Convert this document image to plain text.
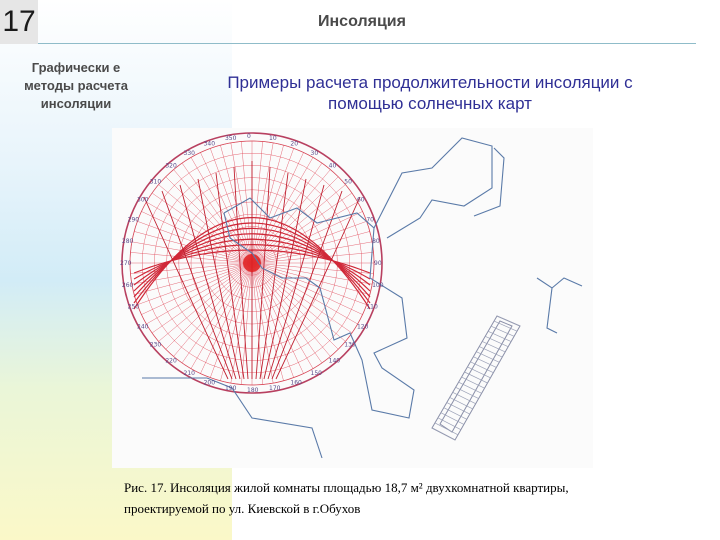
17	Инсоляция
Графически е методы расчета инсоляции
Примеры расчета продолжительности инсоляции с помощью солнечных карт
0	10
20
30
40
50
60
70
80
90
100
110
120
130
140
150
160
170
180
190
200
210
220
230
240
250
260
270
280
290
300
310
320
330
340
350
Рис. 17. Инсоляция жилой комнаты площадью 18,7 м² двухкомнатной квартиры, проектируемой по ул. Киевской в г.Обухов
